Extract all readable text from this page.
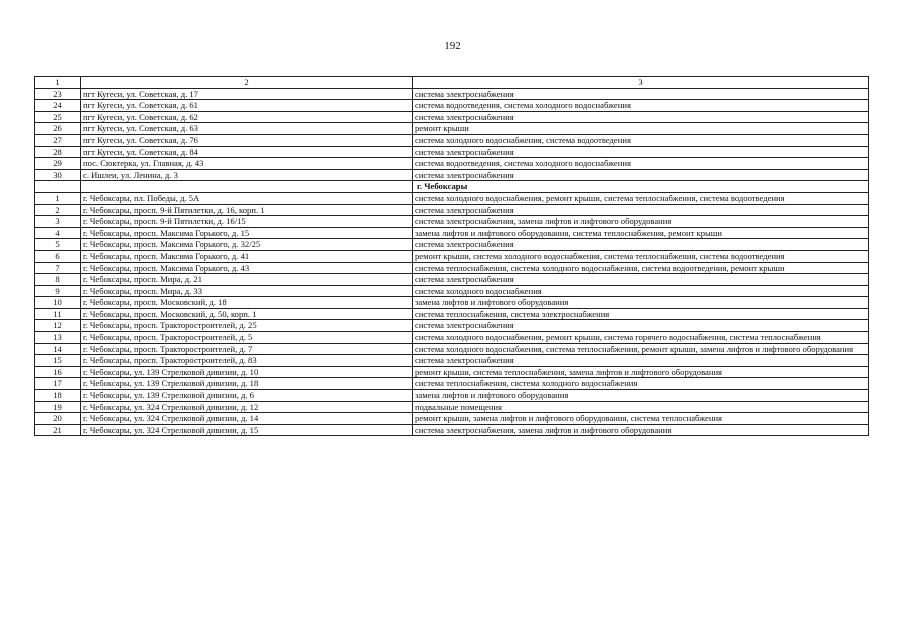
192
1	2	3
23	пгт Кугеси, ул. Советская, д. 17	система электроснабжения
24	пгт Кугеси, ул. Советская, д. 61	система водоотведения, система холодного водоснабжения
25	пгт Кугеси, ул. Советская, д. 62	система электроснабжения
26	пгт Кугеси, ул. Советская, д. 63	ремонт крыши
27	пгт Кугеси, ул. Советская, д. 76	система холодного водоснабжения, система водоотведения
28	пгт Кугеси, ул. Советская, д. 84	система электроснабжения
29	пос. Сюктерка, ул. Главная, д. 43	система водоотведения, система холодного водоснабжения
30	с. Ишлеи, ул. Ленина, д. 3	система электроснабжения
		г. Чебоксары
1	г. Чебоксары, пл. Победы, д. 5А	система холодного водоснабжения, ремонт крыши, система теплоснабжения, система водоотведения
2	г. Чебоксары, просп. 9-й Пятилетки, д. 16, корп. 1	система электроснабжения
3	г. Чебоксары, просп. 9-й Пятилетки, д. 16/15	система электроснабжения, замена лифтов и лифтового оборудования
4	г. Чебоксары, просп. Максима Горького, д. 15	замена лифтов и лифтового оборудования, система теплоснабжения, ремонт крыши
5	г. Чебоксары, просп. Максима Горького, д. 32/25	система электроснабжения
6	г. Чебоксары, просп. Максима Горького, д. 41	ремонт крыши, система холодного водоснабжения, система теплоснабжения, система водоотведения
7	г. Чебоксары, просп. Максима Горького, д. 43	система теплоснабжения, система холодного водоснабжения, система водоотведения, ремонт крыши
8	г. Чебоксары, просп. Мира, д. 21	система электроснабжения
9	г. Чебоксары, просп. Мира, д. 33	система холодного водоснабжения
10	г. Чебоксары, просп. Московский, д. 18	замена лифтов и лифтового оборудования
11	г. Чебоксары, просп. Московский, д. 50, корп. 1	система теплоснабжения, система электроснабжения
12	г. Чебоксары, просп. Тракторостроителей, д. 25	система электроснабжения
13	г. Чебоксары, просп. Тракторостроителей, д. 5	система холодного водоснабжения, ремонт крыши, система горячего водоснабжения, система теплоснабжения
14	г. Чебоксары, просп. Тракторостроителей, д. 7	система холодного водоснабжения, система теплоснабжения, ремонт крыши, замена лифтов и лифтового оборудования
15	г. Чебоксары, просп. Тракторостроителей, д. 83	система электроснабжения
16	г. Чебоксары, ул. 139 Стрелковой дивизии, д. 10	ремонт крыши, система теплоснабжения, замена лифтов и лифтового оборудования
17	г. Чебоксары, ул. 139 Стрелковой дивизии, д. 18	система теплоснабжения, система холодного водоснабжения
18	г. Чебоксары, ул. 139 Стрелковой дивизии, д. 6	замена лифтов и лифтового оборудования
19	г. Чебоксары, ул. 324 Стрелковой дивизии, д. 12	подвальные помещения
20	г. Чебоксары, ул. 324 Стрелковой дивизии, д. 14	ремонт крыши, замена лифтов и лифтового оборудования, система теплоснабжения
21	г. Чебоксары, ул. 324 Стрелковой дивизии, д. 15	система электроснабжения, замена лифтов и лифтового оборудования
